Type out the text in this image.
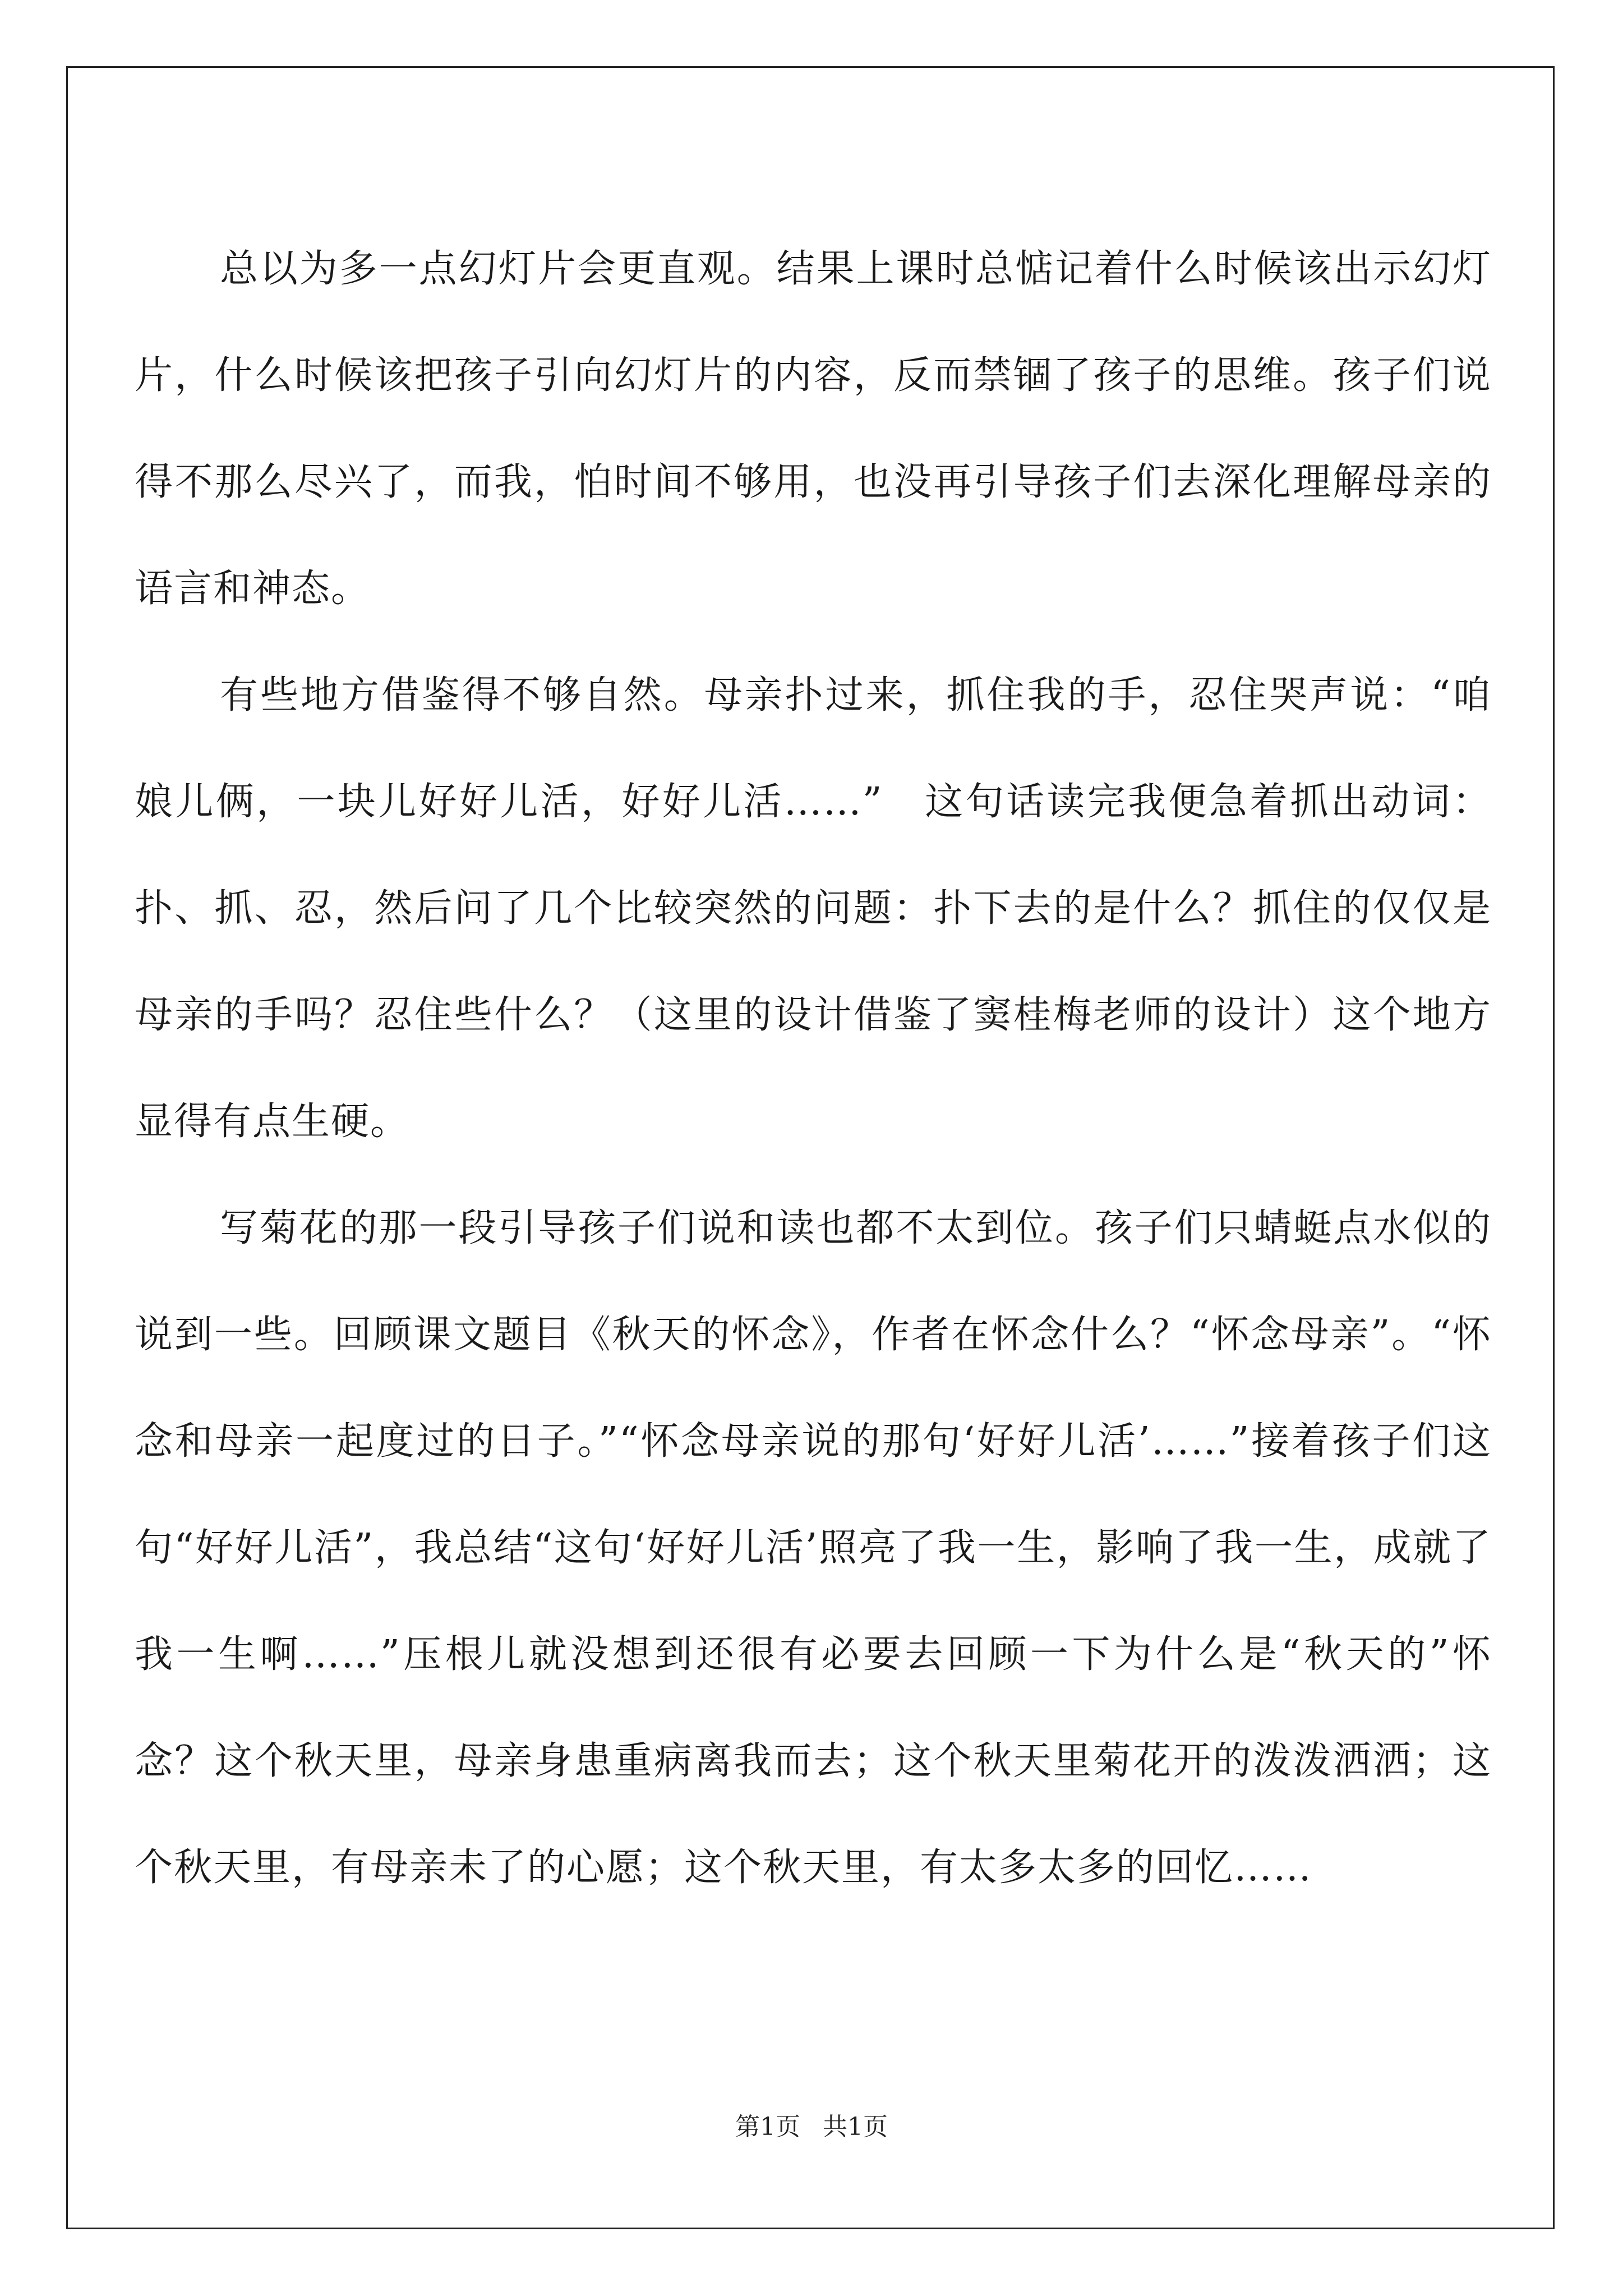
总以为多一点幻灯片会更直观。结果上课时总惦记着什么时候该出示幻灯片，什么时候该把孩子引向幻灯片的内容，反而禁锢了孩子的思维。孩子们说得不那么尽兴了，而我，怕时间不够用，也没再引导孩子们去深化理解母亲的语言和神态。

有些地方借鉴得不够自然。母亲扑过来，抓住我的手，忍住哭声说：“咱娘儿俩，一块儿好好儿活，好好儿活……”　这句话读完我便急着抓出动词：扑、抓、忍，然后问了几个比较突然的问题：扑下去的是什么？抓住的仅仅是母亲的手吗？忍住些什么？（这里的设计借鉴了窦桂梅老师的设计）这个地方显得有点生硬。

写菊花的那一段引导孩子们说和读也都不太到位。孩子们只蜻蜓点水似的说到一些。回顾课文题目《秋天的怀念》，作者在怀念什么？“怀念母亲”。“怀念和母亲一起度过的日子。”“怀念母亲说的那句‘好好儿活’……”接着孩子们这句“好好儿活”，我总结“这句‘好好儿活’照亮了我一生，影响了我一生，成就了我一生啊……”压根儿就没想到还很有必要去回顾一下为什么是“秋天的”怀念？这个秋天里，母亲身患重病离我而去；这个秋天里菊花开的泼泼洒洒；这个秋天里，有母亲未了的心愿；这个秋天里，有太多太多的回忆……

第1页 共1页
